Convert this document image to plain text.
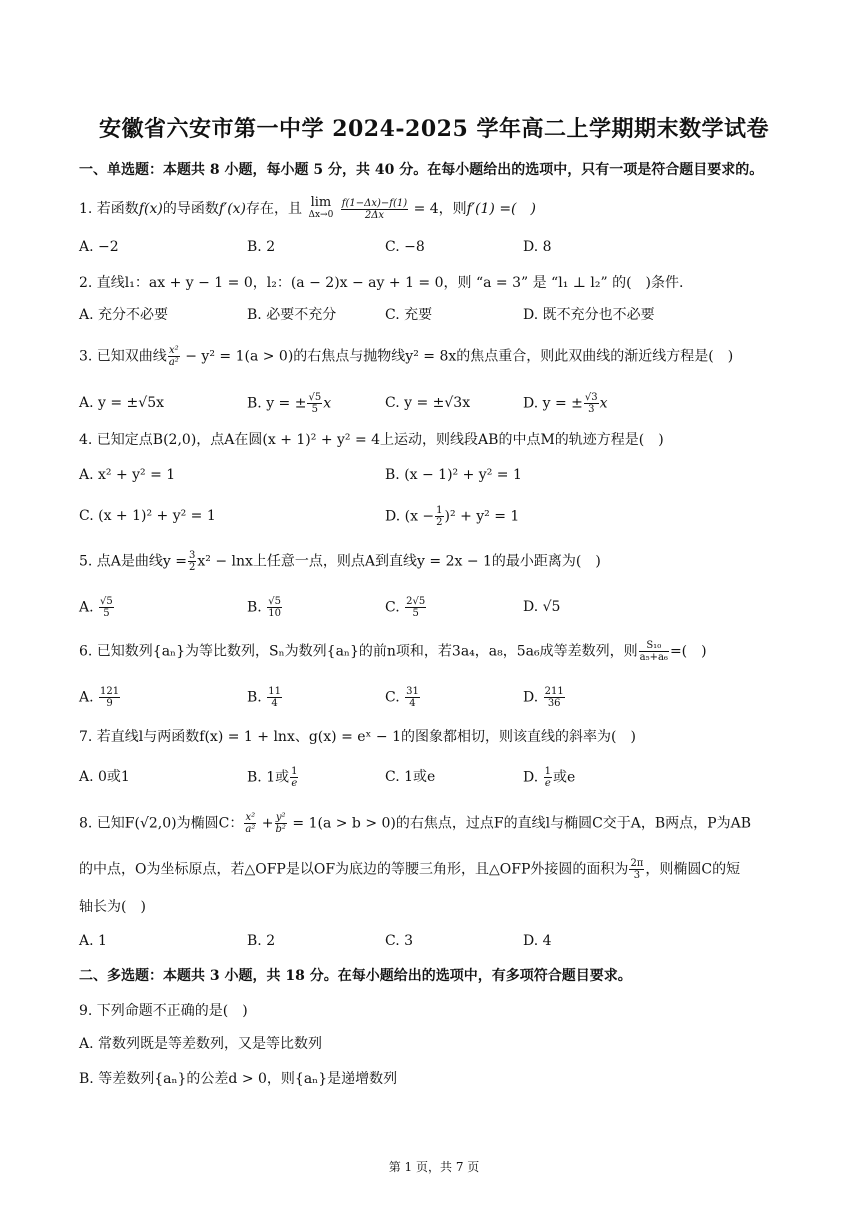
安徽省六安市第一中学 2024-2025 学年高二上学期期末数学试卷
一、单选题：本题共 8 小题，每小题 5 分，共 40 分。在每小题给出的选项中，只有一项是符合题目要求的。
1. 若函数f(x)的导函数f′(x)存在，且 lim
Δx→0
$\frac{f(1-\Delta x)-f(1)}{2\Delta x} = 4$，则f′(1) =(　)
A. −2	B. 2	C. −8	D. 8
2. 直线l₁：ax + y − 1 = 0，l₂：(a − 2)x − ay + 1 = 0，则 “a = 3” 是 “l₁ ⊥ l₂” 的(　)条件.
A. 充分不必要	B. 必要不充分	C. 充要	D. 既不充分也不必要
3. 已知双曲线 $\frac{\text{x²}}{\text{a²}} - y^2 = 1(a > 0)$的右焦点与抛物线y² = 8x的焦点重合，则此双曲线的渐近线方程是(　)
A. y = ±√5x	B. y = ± $\frac{√5}{5}$ x	C. y = ±√3x	D. y = ± $\frac{√3}{3}$ x
4. 已知定点B(2,0)，点A在圆(x + 1)² + y² = 4上运动，则线段AB的中点M的轨迹方程是(　)
A. x² + y² = 1	B. (x − 1)² + y² = 1
C. (x + 1)² + y² = 1	D. $(x - \frac{1}{2} )^2 + y^2 = 1$
5. 点A是曲线$y = \frac{3}{2} x^2 - \ln x$上任意一点，则点A到直线y = 2x − 1的最小距离为(　)
A. $\frac{√5}{5}$	B. $\frac{√5}{10}$	C. $\frac{2√5}{5}$	D. √5
6. 已知数列{aₙ}为等比数列，Sₙ为数列{aₙ}的前n项和，若3a₄，a₈，5a₆成等差数列，则 $\frac{\text{S₁₀}}{\text{a₅+a₆}}$ =(　)
A. $\frac{121}{9}$	B. $\frac{11}{4}$	C. $\frac{31}{4}$	D. $\frac{211}{36}$
7. 若直线l与两函数f(x) = 1 + lnx、g(x) = eˣ − 1的图象都相切，则该直线的斜率为(　)
A. 0或1	B. 1或 $\frac{1}{e}$	C. 1或e	D. $\frac{1}{e}$ 或e
8. 已知F(√2,0)为椭圆C： $\frac{\text{x²}}{\text{a²}} + \frac{\text{y²}}{\text{b²}} = 1(a > b > 0)$的右焦点，过点F的直线l与椭圆C交于A，B两点，P为AB
的中点，O为坐标原点，若△OFP是以OF为底边的等腰三角形，且△OFP外接圆的面积为 $\frac{2\pi}{3}$ ，则椭圆C的短
轴长为(　)
A. 1	B. 2	C. 3	D. 4
二、多选题：本题共 3 小题，共 18 分。在每小题给出的选项中，有多项符合题目要求。
9. 下列命题不正确的是(　)
A. 常数列既是等差数列，又是等比数列
B. 等差数列{aₙ}的公差d > 0，则{aₙ}是递增数列
第 1 页，共 7 页
